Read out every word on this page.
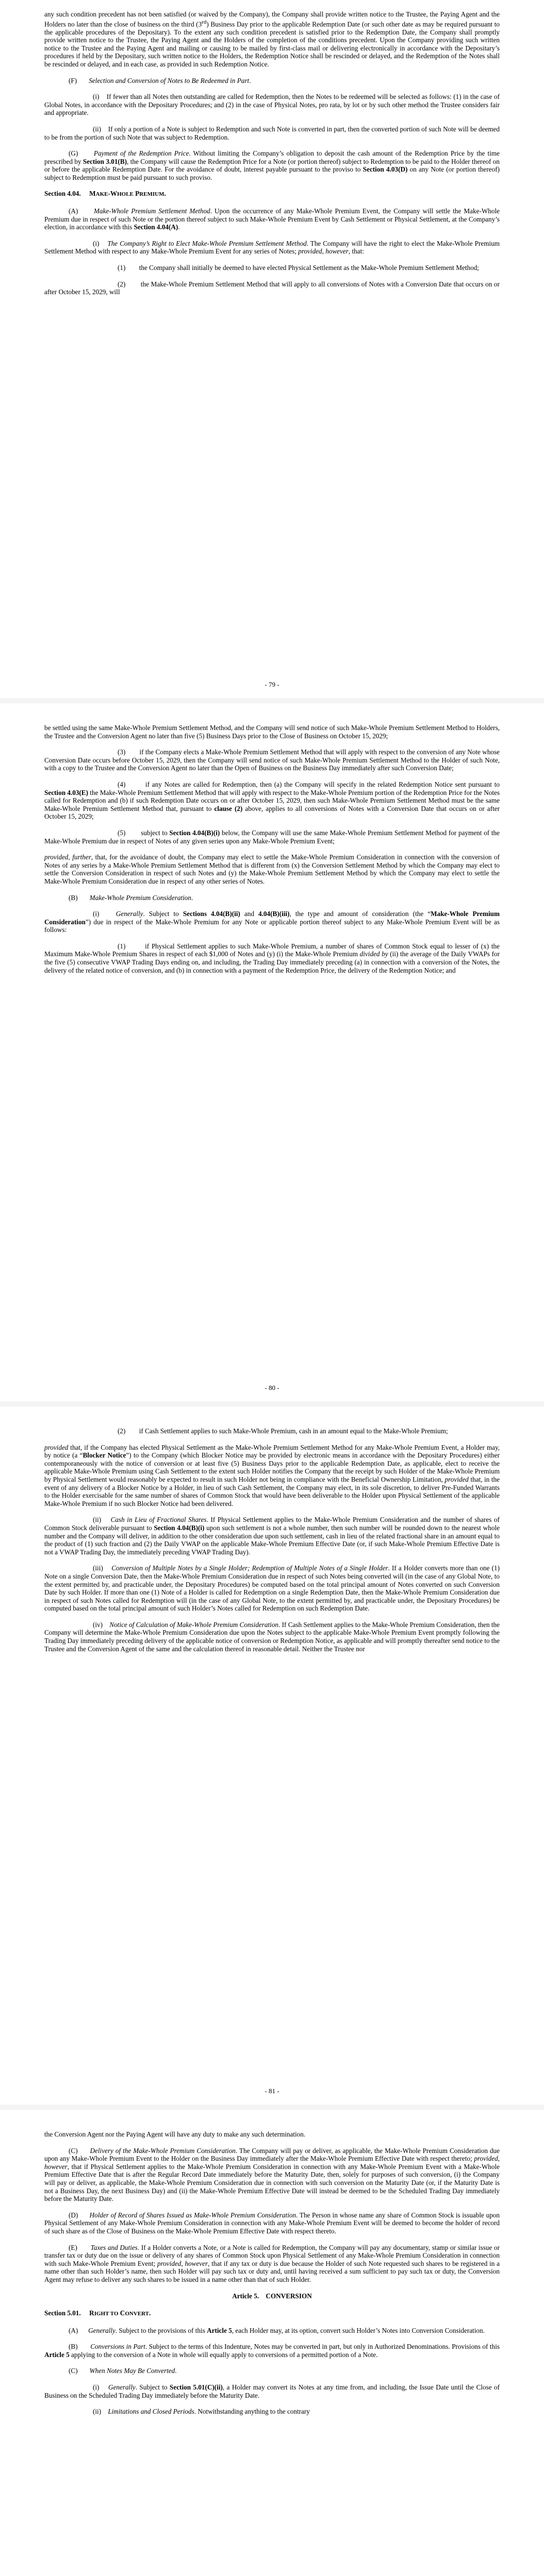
any such condition precedent has not been satisfied (or waived by the Company), the Company shall provide written notice to the Trustee, the Paying Agent and the Holders no later than the close of business on the third (3rd) Business Day prior to the applicable Redemption Date (or such other date as may be required pursuant to the applicable procedures of the Depositary). To the extent any such condition precedent is satisfied prior to the Redemption Date, the Company shall promptly provide written notice to the Trustee, the Paying Agent and the Holders of the completion of the conditions precedent. Upon the Company providing such written notice to the Trustee and the Paying Agent and mailing or causing to be mailed by first-class mail or delivering electronically in accordance with the Depositary’s procedures if held by the Depositary, such written notice to the Holders, the Redemption Notice shall be rescinded or delayed, and the Redemption of the Notes shall be rescinded or delayed, and in each case, as provided in such Redemption Notice.

(F)       Selection and Conversion of Notes to Be Redeemed in Part.

(i)    If fewer than all Notes then outstanding are called for Redemption, then the Notes to be redeemed will be selected as follows: (1) in the case of Global Notes, in accordance with the Depositary Procedures; and (2) in the case of Physical Notes, pro rata, by lot or by such other method the Trustee considers fair and appropriate.

(ii)    If only a portion of a Note is subject to Redemption and such Note is converted in part, then the converted portion of such Note will be deemed to be from the portion of such Note that was subject to Redemption.

(G)      Payment of the Redemption Price. Without limiting the Company’s obligation to deposit the cash amount of the Redemption Price by the time prescribed by Section 3.01(B), the Company will cause the Redemption Price for a Note (or portion thereof) subject to Redemption to be paid to the Holder thereof on or before the applicable Redemption Date. For the avoidance of doubt, interest payable pursuant to the proviso to Section 4.03(D) on any Note (or portion thereof) subject to Redemption must be paid pursuant to such proviso.

Section 4.04.     MAKE-WHOLE PREMIUM.

(A)      Make-Whole Premium Settlement Method. Upon the occurrence of any Make-Whole Premium Event, the Company will settle the Make-Whole Premium due in respect of such Note or the portion thereof subject to such Make-Whole Premium Event by Cash Settlement or Physical Settlement, at the Company’s election, in accordance with this Section 4.04(A).

(i)    The Company’s Right to Elect Make-Whole Premium Settlement Method. The Company will have the right to elect the Make-Whole Premium Settlement Method with respect to any Make-Whole Premium Event for any series of Notes; provided, however, that:

(1)        the Company shall initially be deemed to have elected Physical Settlement as the Make-Whole Premium Settlement Method;

(2)        the Make-Whole Premium Settlement Method that will apply to all conversions of Notes with a Conversion Date that occurs on or after October 15, 2029, will

- 79 -

be settled using the same Make-Whole Premium Settlement Method, and the Company will send notice of such Make-Whole Premium Settlement Method to Holders, the Trustee and the Conversion Agent no later than five (5) Business Days prior to the Close of Business on October 15, 2029;

(3)        if the Company elects a Make-Whole Premium Settlement Method that will apply with respect to the conversion of any Note whose Conversion Date occurs before October 15, 2029, then the Company will send notice of such Make-Whole Premium Settlement Method to the Holder of such Note, with a copy to the Trustee and the Conversion Agent no later than the Open of Business on the Business Day immediately after such Conversion Date;

(4)        if any Notes are called for Redemption, then (a) the Company will specify in the related Redemption Notice sent pursuant to Section 4.03(E) the Make-Whole Premium Settlement Method that will apply with respect to the Make-Whole Premium portion of the Redemption Price for the Notes called for Redemption and (b) if such Redemption Date occurs on or after October 15, 2029, then such Make-Whole Premium Settlement Method must be the same Make-Whole Premium Settlement Method that, pursuant to clause (2) above, applies to all conversions of Notes with a Conversion Date that occurs on or after October 15, 2029;

(5)        subject to Section 4.04(B)(i) below, the Company will use the same Make-Whole Premium Settlement Method for payment of the Make-Whole Premium due in respect of Notes of any given series upon any Make-Whole Premium Event;

provided, further, that, for the avoidance of doubt, the Company may elect to settle the Make-Whole Premium Consideration in connection with the conversion of Notes of any series by a Make-Whole Premium Settlement Method that is different from (x) the Conversion Settlement Method by which the Company may elect to settle the Conversion Consideration in respect of such Notes and (y) the Make-Whole Premium Settlement Method by which the Company may elect to settle the Make-Whole Premium Consideration due in respect of any other series of Notes.

(B)       Make-Whole Premium Consideration.

(i)    Generally. Subject to Sections 4.04(B)(ii) and 4.04(B)(iii), the type and amount of consideration (the “Make-Whole Premium Consideration”) due in respect of the Make-Whole Premium for any Note or applicable portion thereof subject to any Make-Whole Premium Event will be as follows:

(1)        if Physical Settlement applies to such Make-Whole Premium, a number of shares of Common Stock equal to lesser of (x) the Maximum Make-Whole Premium Shares in respect of each $1,000 of Notes and (y) (i) the Make-Whole Premium divided by (ii) the average of the Daily VWAPs for the five (5) consecutive VWAP Trading Days ending on, and including, the Trading Day immediately preceding (a) in connection with a conversion of the Notes, the delivery of the related notice of conversion, and (b) in connection with a payment of the Redemption Price, the delivery of the Redemption Notice; and

- 80 -

(2)        if Cash Settlement applies to such Make-Whole Premium, cash in an amount equal to the Make-Whole Premium;

provided that, if the Company has elected Physical Settlement as the Make-Whole Premium Settlement Method for any Make-Whole Premium Event, a Holder may, by notice (a “Blocker Notice”) to the Company (which Blocker Notice may be provided by electronic means in accordance with the Depositary Procedures) either contemporaneously with the notice of conversion or at least five (5) Business Days prior to the applicable Redemption Date, as applicable, elect to receive the applicable Make-Whole Premium using Cash Settlement to the extent such Holder notifies the Company that the receipt by such Holder of the Make-Whole Premium by Physical Settlement would reasonably be expected to result in such Holder not being in compliance with the Beneficial Ownership Limitation, provided that, in the event of any delivery of a Blocker Notice by a Holder, in lieu of such Cash Settlement, the Company may elect, in its sole discretion, to deliver Pre-Funded Warrants to the Holder exercisable for the same number of shares of Common Stock that would have been deliverable to the Holder upon Physical Settlement of the applicable Make-Whole Premium if no such Blocker Notice had been delivered.

(ii)    Cash in Lieu of Fractional Shares. If Physical Settlement applies to the Make-Whole Premium Consideration and the number of shares of Common Stock deliverable pursuant to Section 4.04(B)(i) upon such settlement is not a whole number, then such number will be rounded down to the nearest whole number and the Company will deliver, in addition to the other consideration due upon such settlement, cash in lieu of the related fractional share in an amount equal to the product of (1) such fraction and (2) the Daily VWAP on the applicable Make-Whole Premium Effective Date (or, if such Make-Whole Premium Effective Date is not a VWAP Trading Day, the immediately preceding VWAP Trading Day).

(iii)    Conversion of Multiple Notes by a Single Holder; Redemption of Multiple Notes of a Single Holder. If a Holder converts more than one (1) Note on a single Conversion Date, then the Make-Whole Premium Consideration due in respect of such Notes being converted will (in the case of any Global Note, to the extent permitted by, and practicable under, the Depositary Procedures) be computed based on the total principal amount of Notes converted on such Conversion Date by such Holder. If more than one (1) Note of a Holder is called for Redemption on a single Redemption Date, then the Make-Whole Premium Consideration due in respect of such Notes called for Redemption will (in the case of any Global Note, to the extent permitted by, and practicable under, the Depositary Procedures) be computed based on the total principal amount of such Holder’s Notes called for Redemption on such Redemption Date.

(iv)    Notice of Calculation of Make-Whole Premium Consideration. If Cash Settlement applies to the Make-Whole Premium Consideration, then the Company will determine the Make-Whole Premium Consideration due upon the Notes subject to the applicable Make-Whole Premium Event promptly following the Trading Day immediately preceding delivery of the applicable notice of conversion or Redemption Notice, as applicable and will promptly thereafter send notice to the Trustee and the Conversion Agent of the same and the calculation thereof in reasonable detail. Neither the Trustee nor

- 81 -

the Conversion Agent nor the Paying Agent will have any duty to make any such determination.

(C)      Delivery of the Make-Whole Premium Consideration. The Company will pay or deliver, as applicable, the Make-Whole Premium Consideration due upon any Make-Whole Premium Event to the Holder on the Business Day immediately after the Make-Whole Premium Effective Date with respect thereto; provided, however, that if Physical Settlement applies to the Make-Whole Premium Consideration in connection with any Make-Whole Premium Event with a Make-Whole Premium Effective Date that is after the Regular Record Date immediately before the Maturity Date, then, solely for purposes of such conversion, (i) the Company will pay or deliver, as applicable, the Make-Whole Premium Consideration due in connection with such conversion on the Maturity Date (or, if the Maturity Date is not a Business Day, the next Business Day) and (ii) the Make-Whole Premium Effective Date will instead be deemed to be the Scheduled Trading Day immediately before the Maturity Date.

(D)      Holder of Record of Shares Issued as Make-Whole Premium Consideration. The Person in whose name any share of Common Stock is issuable upon Physical Settlement of any Make-Whole Premium Consideration in connection with any Make-Whole Premium Event will be deemed to become the holder of record of such share as of the Close of Business on the Make-Whole Premium Effective Date with respect thereto.

(E)       Taxes and Duties. If a Holder converts a Note, or a Note is called for Redemption, the Company will pay any documentary, stamp or similar issue or transfer tax or duty due on the issue or delivery of any shares of Common Stock upon Physical Settlement of any Make-Whole Premium Consideration in connection with such Make-Whole Premium Event; provided, however, that if any tax or duty is due because the Holder of such Note requested such shares to be registered in a name other than such Holder’s name, then such Holder will pay such tax or duty and, until having received a sum sufficient to pay such tax or duty, the Conversion Agent may refuse to deliver any such shares to be issued in a name other than that of such Holder.

Article 5.    CONVERSION

Section 5.01.     RIGHT TO CONVERT.

(A)      Generally. Subject to the provisions of this Article 5, each Holder may, at its option, convert such Holder’s Notes into Conversion Consideration.

(B)       Conversions in Part. Subject to the terms of this Indenture, Notes may be converted in part, but only in Authorized Denominations. Provisions of this Article 5 applying to the conversion of a Note in whole will equally apply to conversions of a permitted portion of a Note.

(C)       When Notes May Be Converted.

(i)    Generally. Subject to Section 5.01(C)(ii), a Holder may convert its Notes at any time from, and including, the Issue Date until the Close of Business on the Scheduled Trading Day immediately before the Maturity Date.

(ii)    Limitations and Closed Periods. Notwithstanding anything to the contrary
